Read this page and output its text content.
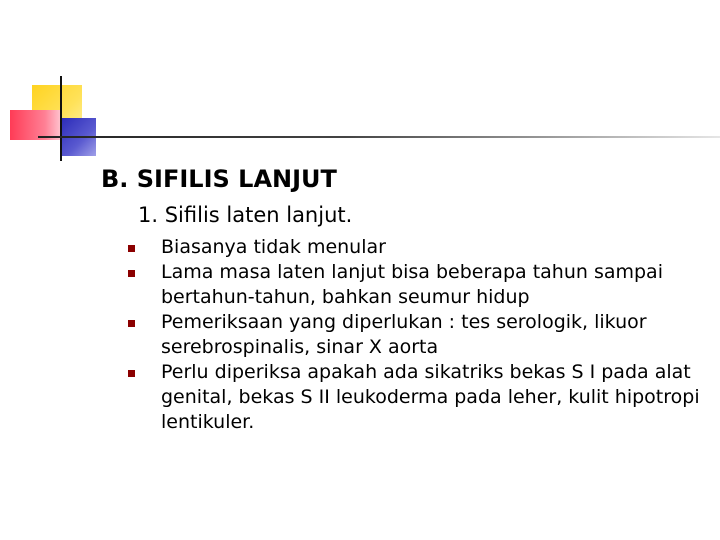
B. SIFILIS LANJUT
1. Sifilis laten lanjut.
Biasanya tidak menular
Lama masa laten lanjut bisa beberapa tahun sampai bertahun-tahun, bahkan seumur hidup
Pemeriksaan yang diperlukan : tes serologik, likuor serebrospinalis, sinar X aorta
Perlu diperiksa apakah ada sikatriks bekas S I pada alat genital, bekas S II leukoderma pada leher, kulit hipotropi lentikuler.
